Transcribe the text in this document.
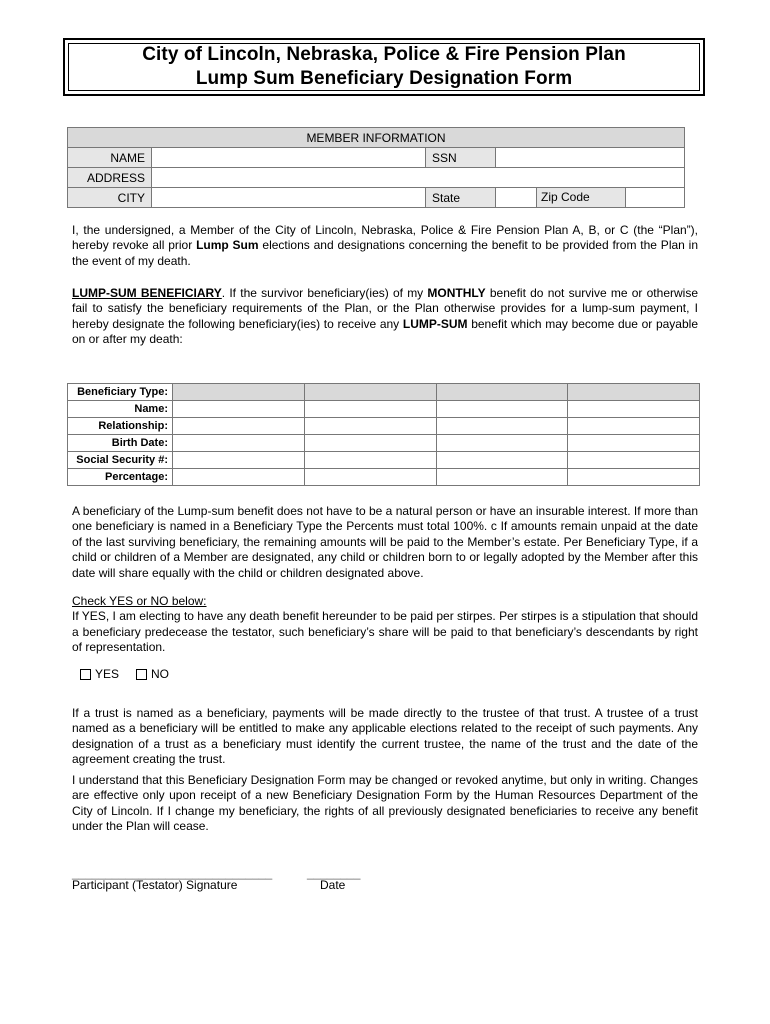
City of Lincoln, Nebraska, Police & Fire Pension Plan
Lump Sum Beneficiary Designation Form
MEMBER INFORMATION				
NAME		SSN		
ADDRESS				
CITY		State		Zip Code
I, the undersigned, a Member of the City of Lincoln, Nebraska, Police & Fire Pension Plan A, B, or C (the “Plan”), hereby revoke all prior Lump Sum elections and designations concerning the benefit to be provided from the Plan in the event of my death.
LUMP-SUM BENEFICIARY. If the survivor beneficiary(ies) of my MONTHLY benefit do not survive me or otherwise fail to satisfy the beneficiary requirements of the Plan, or the Plan otherwise provides for a lump-sum payment, I hereby designate the following beneficiary(ies) to receive any LUMP-SUM benefit which may become due or payable on or after my death:
Beneficiary Type:				
Name:				
Relationship:				
Birth Date:				
Social Security #:				
Percentage:				
A beneficiary of the Lump-sum benefit does not have to be a natural person or have an insurable interest. If more than one beneficiary is named in a Beneficiary Type the Percents must total 100%. c If amounts remain unpaid at the date of the last surviving beneficiary, the remaining amounts will be paid to the Member’s estate. Per Beneficiary Type, if a child or children of a Member are designated, any child or children born to or legally adopted by the Member after this date will share equally with the child or children designated above.
Check YES or NO below:
If YES, I am electing to have any death benefit hereunder to be paid per stirpes. Per stirpes is a stipulation that should a beneficiary predecease the testator, such beneficiary’s share will be paid to that beneficiary’s descendants by right of representation.
YES	NO
If a trust is named as a beneficiary, payments will be made directly to the trustee of that trust. A trustee of a trust named as a beneficiary will be entitled to make any applicable elections related to the receipt of such payments. Any designation of a trust as a beneficiary must identify the current trustee, the name of the trust and the date of the agreement creating the trust.
I understand that this Beneficiary Designation Form may be changed or revoked anytime, but only in writing. Changes are effective only upon receipt of a new Beneficiary Designation Form by the Human Resources Department of the City of Lincoln. If I change my beneficiary, the rights of all previously designated beneficiaries to receive any benefit under the Plan will cease.
______________________________	________
Participant (Testator) Signature	Date
